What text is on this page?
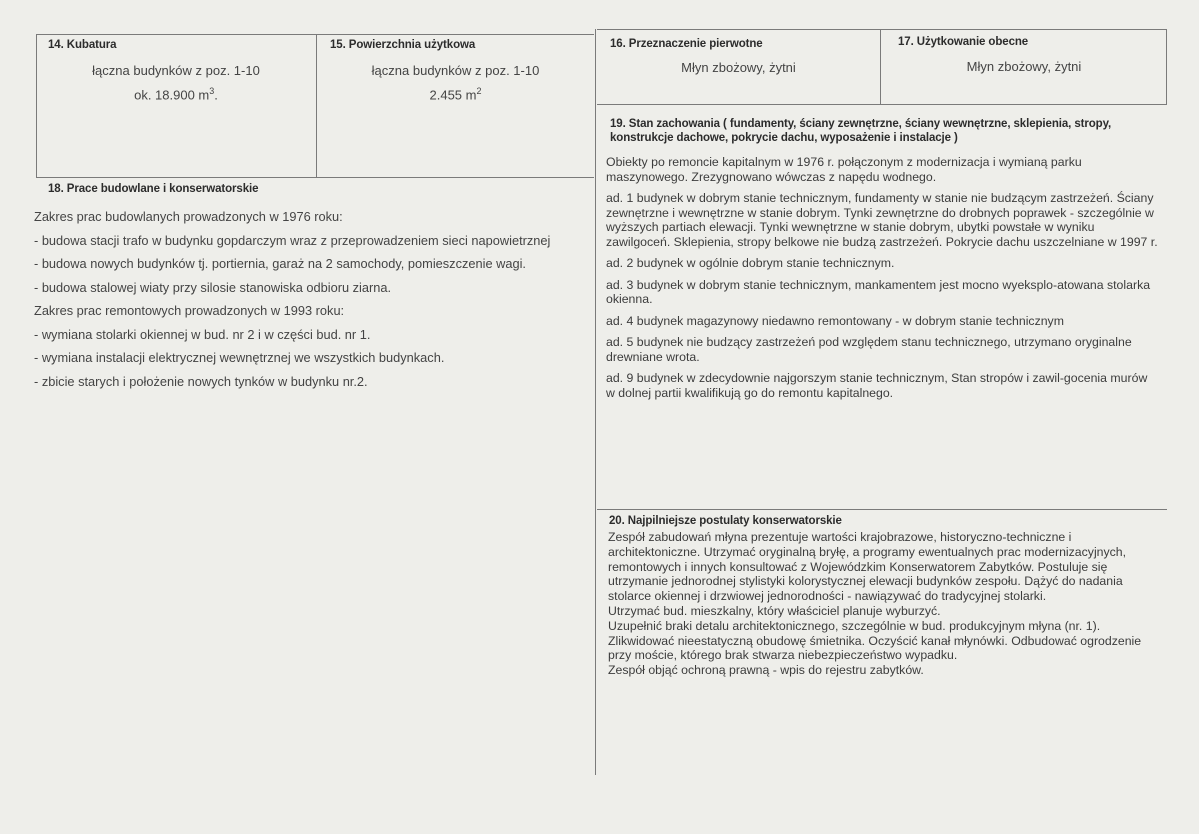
14. Kubatura
łączna budynków z poz. 1-10
ok. 18.900 $m^3$.
15. Powierzchnia użytkowa
łączna budynków z poz. 1-10
2.455 $m^2$
16. Przeznaczenie pierwotne
Młyn zbożowy, żytni
17. Użytkowanie obecne
Młyn zbożowy, żytni
18. Prace budowlane i konserwatorskie

Zakres prac budowlanych prowadzonych w 1976 roku:

- budowa stacji trafo w budynku gopdarczym wraz z przeprowadzeniem sieci napowietrznej

- budowa nowych budynków tj. portiernia, garaż na 2 samochody, pomieszczenie wagi.

- budowa stalowej wiaty przy silosie stanowiska odbioru ziarna.

Zakres prac remontowych prowadzonych w 1993 roku:

- wymiana stolarki okiennej w bud. nr 2 i w części bud. nr 1.

- wymiana instalacji elektrycznej wewnętrznej we wszystkich budynkach.

- zbicie starych i położenie nowych tynków w budynku nr.2.

19. Stan zachowania ( fundamenty, ściany zewnętrzne, ściany wewnętrzne, sklepienia, stropy, konstrukcje dachowe, pokrycie dachu, wyposażenie i instalacje )

Obiekty po remoncie kapitalnym w 1976 r. połączonym z modernizacja i wymianą parku maszynowego. Zrezygnowano wówczas z napędu wodnego.

ad. 1 budynek w dobrym stanie technicznym, fundamenty w stanie nie budzącym zastrzeżeń. Ściany zewnętrzne i wewnętrzne w stanie dobrym. Tynki zewnętrzne do drobnych poprawek - szczególnie w wyższych partiach elewacji. Tynki wewnętrzne w stanie dobrym, ubytki powstałe w wyniku zawilgoceń. Sklepienia, stropy belkowe nie budzą zastrzeżeń. Pokrycie dachu uszczelniane w 1997 r.

ad. 2 budynek w ogólnie dobrym stanie technicznym.

ad. 3 budynek w dobrym stanie technicznym, mankamentem jest mocno wyeksplo-atowana stolarka okienna.

ad. 4 budynek magazynowy niedawno remontowany - w dobrym stanie technicznym

ad. 5 budynek nie budzący zastrzeżeń pod względem stanu technicznego, utrzymano oryginalne drewniane wrota.

ad. 9 budynek w zdecydownie najgorszym stanie technicznym, Stan stropów i zawil-gocenia murów w dolnej partii kwalifikują go do remontu kapitalnego.

20. Najpilniejsze postulaty konserwatorskie

Zespół zabudowań młyna prezentuje wartości krajobrazowe, historyczno-techniczne i architektoniczne. Utrzymać oryginalną bryłę, a programy ewentualnych prac modernizacyjnych, remontowych i innych konsultować z Wojewódzkim Konserwatorem Zabytków. Postuluje się utrzymanie jednorodnej stylistyki kolorystycznej elewacji budynków zespołu. Dążyć do nadania stolarce okiennej i drzwiowej jednorodności - nawiązywać do tradycyjnej stolarki.

Utrzymać bud. mieszkalny, który właściciel planuje wyburzyć.

Uzupełnić braki detalu architektonicznego, szczególnie w bud. produkcyjnym młyna (nr. 1).

Zlikwidować nieestatyczną obudowę śmietnika. Oczyścić kanał młynówki. Odbudować ogrodzenie przy moście, którego brak stwarza niebezpieczeństwo wypadku.

Zespół objąć ochroną prawną - wpis do rejestru zabytków.
